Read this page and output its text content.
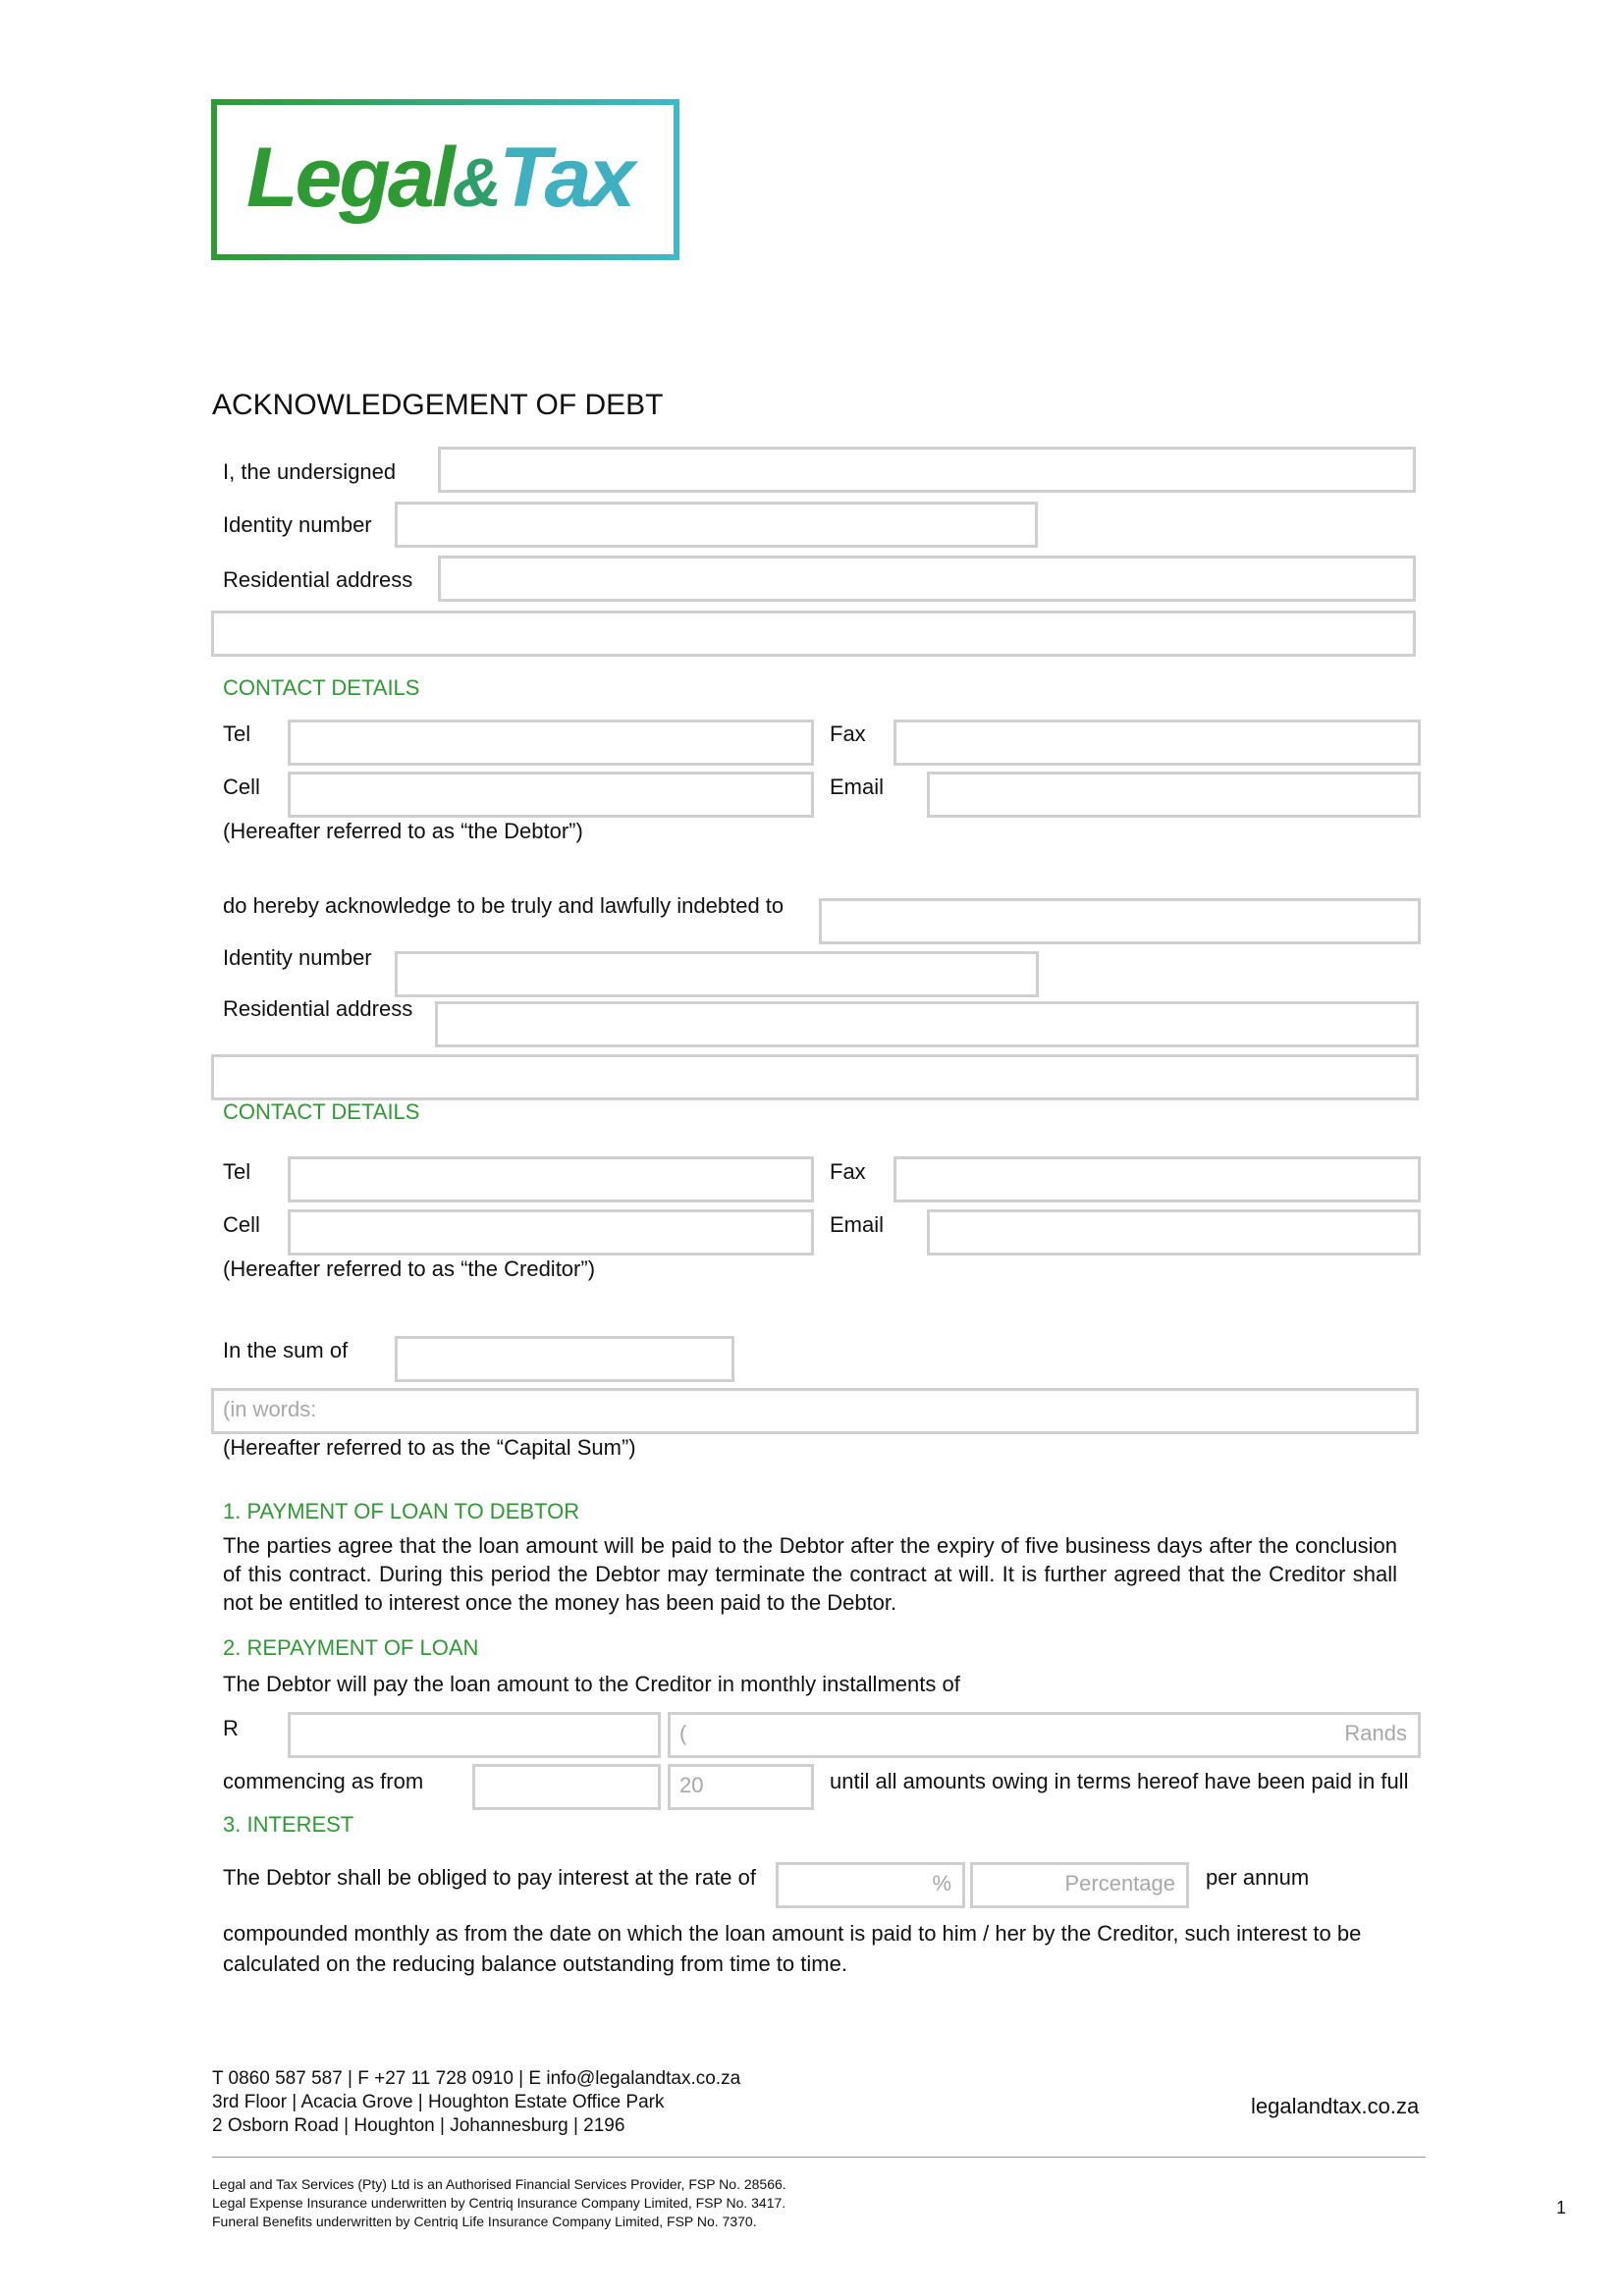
Legal&Tax
ACKNOWLEDGEMENT OF DEBT
I, the undersigned
Identity number
Residential address
CONTACT DETAILS
Tel	Fax
Cell	Email
(Hereafter referred to as “the Debtor”)
do hereby acknowledge to be truly and lawfully indebted to
Identity number
Residential address
CONTACT DETAILS
Tel	Fax
Cell	Email
(Hereafter referred to as “the Creditor”)
In the sum of
(in words:
(Hereafter referred to as the “Capital Sum”)
1. PAYMENT OF LOAN TO DEBTOR
The parties agree that the loan amount will be paid to the Debtor after the expiry of five business days after the conclusion of this contract. During this period the Debtor may terminate the contract at will. It is further agreed that the Creditor shall not be entitled to interest once the money has been paid to the Debtor.
2. REPAYMENT OF LOAN
The Debtor will pay the loan amount to the Creditor in monthly installments of
R	(	Rands
commencing as from	20	until all amounts owing in terms hereof have been paid in full
3. INTEREST
The Debtor shall be obliged to pay interest at the rate of	%	Percentage per annum
compounded monthly as from the date on which the loan amount is paid to him / her by the Creditor, such interest to be calculated on the reducing balance outstanding from time to time.
T 0860 587 587 | F +27 11 728 0910 | E info@legalandtax.co.za
3rd Floor | Acacia Grove | Houghton Estate Office Park
2 Osborn Road | Houghton | Johannesburg | 2196
legalandtax.co.za
Legal and Tax Services (Pty) Ltd is an Authorised Financial Services Provider, FSP No. 28566.
Legal Expense Insurance underwritten by Centriq Insurance Company Limited, FSP No. 3417.
Funeral Benefits underwritten by Centriq Life Insurance Company Limited, FSP No. 7370.
1
